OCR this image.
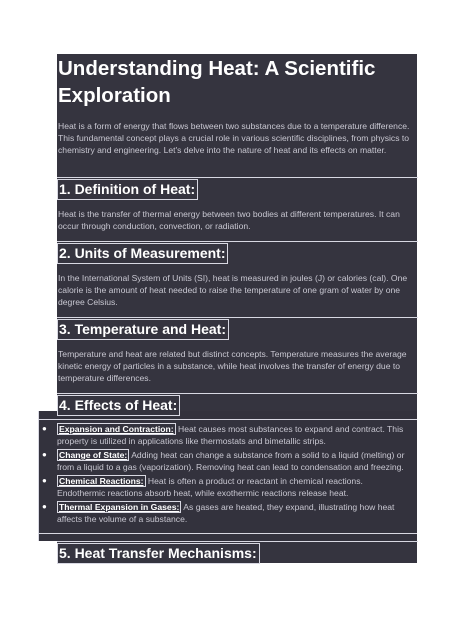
Understanding Heat: A Scientific Exploration

Heat is a form of energy that flows between two substances due to a temperature difference. This fundamental concept plays a crucial role in various scientific disciplines, from physics to chemistry and engineering. Let's delve into the nature of heat and its effects on matter.

1. Definition of Heat:

Heat is the transfer of thermal energy between two bodies at different temperatures. It can occur through conduction, convection, or radiation.

2. Units of Measurement:

In the International System of Units (SI), heat is measured in joules (J) or calories (cal). One calorie is the amount of heat needed to raise the temperature of one gram of water by one degree Celsius.

3. Temperature and Heat:

Temperature and heat are related but distinct concepts. Temperature measures the average kinetic energy of particles in a substance, while heat involves the transfer of energy due to temperature differences.

4. Effects of Heat:
● Expansion and Contraction: Heat causes most substances to expand and contract. This property is utilized in applications like thermostats and bimetallic strips.
● Change of State: Adding heat can change a substance from a solid to a liquid (melting) or from a liquid to a gas (vaporization). Removing heat can lead to condensation and freezing.
● Chemical Reactions: Heat is often a product or reactant in chemical reactions. Endothermic reactions absorb heat, while exothermic reactions release heat.
● Thermal Expansion in Gases: As gases are heated, they expand, illustrating how heat affects the volume of a substance.
5. Heat Transfer Mechanisms:
